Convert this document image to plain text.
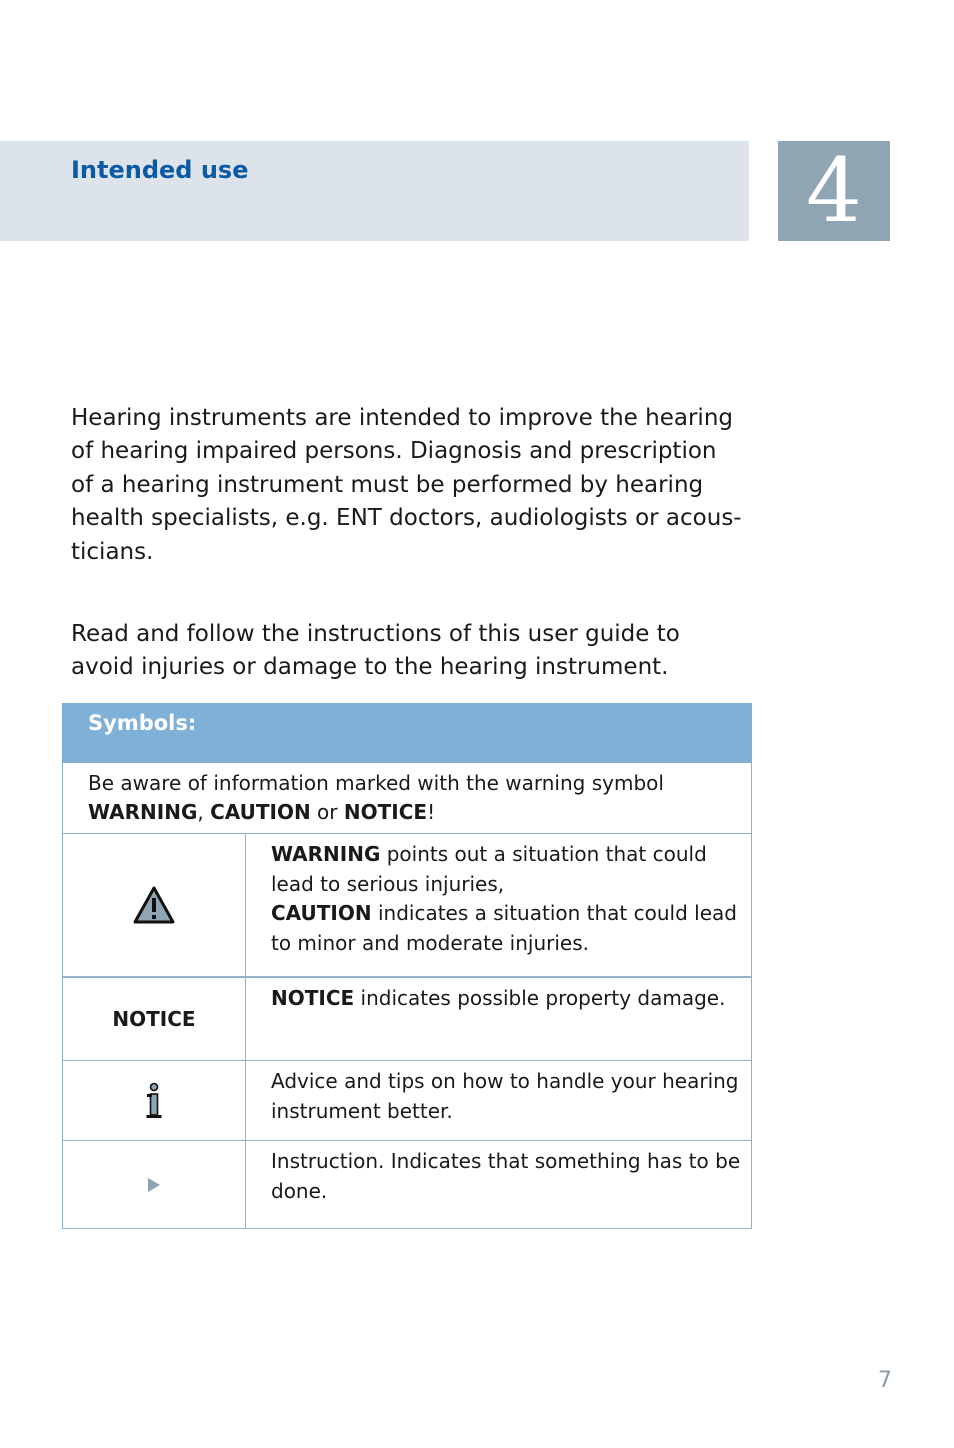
Intended use	4

Hearing instruments are intended to improve the hearing
of hearing impaired persons. Diagnosis and prescription
of a hearing instrument must be performed by hearing
health specialists, e.g. ENT doctors, audiologists or acous-
ticians.

Read and follow the instructions of this user guide to
avoid injuries or damage to the hearing instrument.

Symbols:	
Be aware of information marked with the warning symbol
WARNING, CAUTION or NOTICE!	

	WARNING points out a situation that could lead to serious injuries,
CAUTION indicates a situation that could lead to minor and moderate injuries.
NOTICE	NOTICE indicates possible property damage.

	Advice and tips on how to handle your hearing instrument better.

	Instruction. Indicates that something has to be done.
7
